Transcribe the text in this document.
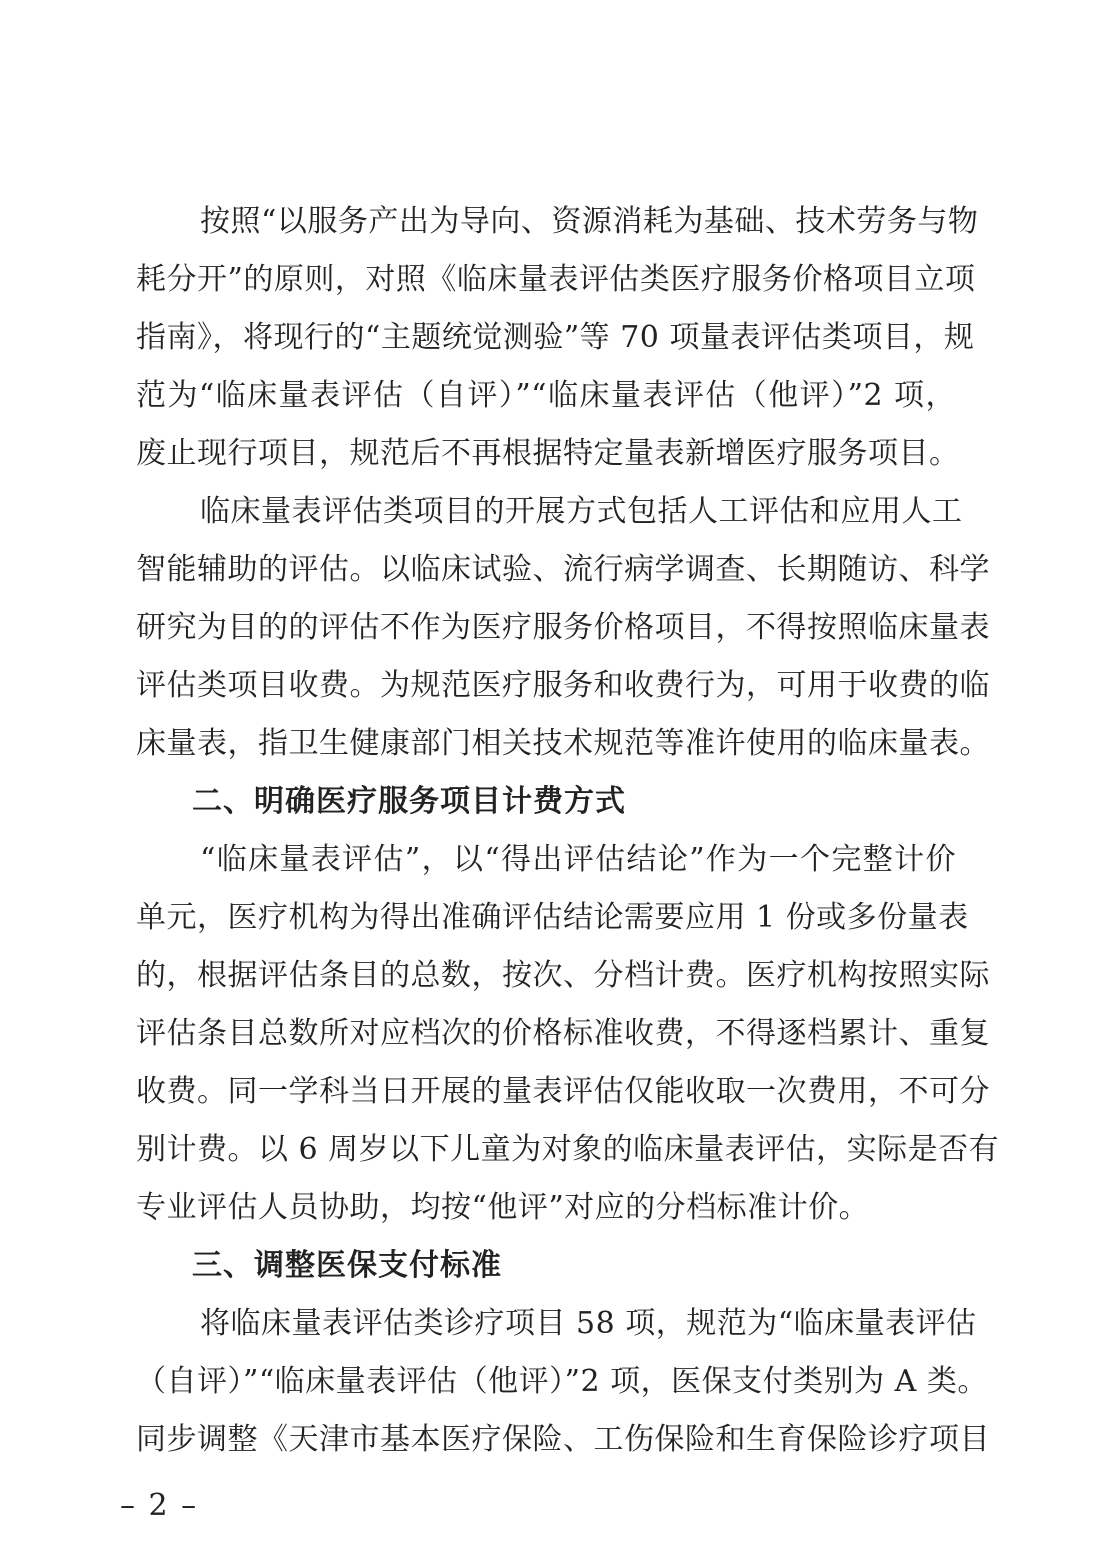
按照“以服务产出为导向、资源消耗为基础、技术劳务与物
耗分开”的原则，对照《临床量表评估类医疗服务价格项目立项
指南》，将现行的“主题统觉测验”等 70 项量表评估类项目，规
范为“临床量表评估（自评）”“临床量表评估（他评）”2 项，
废止现行项目，规范后不再根据特定量表新增医疗服务项目。
临床量表评估类项目的开展方式包括人工评估和应用人工
智能辅助的评估。以临床试验、流行病学调查、长期随访、科学
研究为目的的评估不作为医疗服务价格项目，不得按照临床量表
评估类项目收费。为规范医疗服务和收费行为，可用于收费的临
床量表，指卫生健康部门相关技术规范等准许使用的临床量表。
二、明确医疗服务项目计费方式
“临床量表评估”，以“得出评估结论”作为一个完整计价
单元，医疗机构为得出准确评估结论需要应用 1 份或多份量表
的，根据评估条目的总数，按次、分档计费。医疗机构按照实际
评估条目总数所对应档次的价格标准收费，不得逐档累计、重复
收费。同一学科当日开展的量表评估仅能收取一次费用，不可分
别计费。以 6 周岁以下儿童为对象的临床量表评估，实际是否有
专业评估人员协助，均按“他评”对应的分档标准计价。
三、调整医保支付标准
将临床量表评估类诊疗项目 58 项，规范为“临床量表评估
（自评）”“临床量表评估（他评）”2 项，医保支付类别为 A 类。
同步调整《天津市基本医疗保险、工伤保险和生育保险诊疗项目
– 2 –
